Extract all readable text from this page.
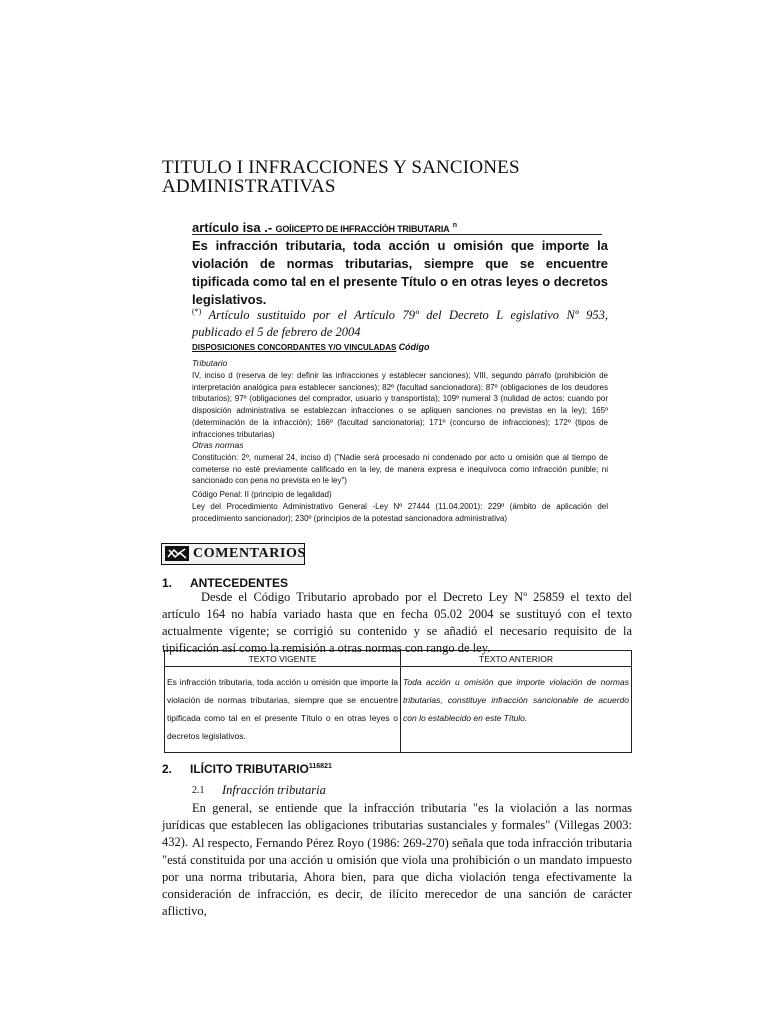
TITULO I INFRACCIONES Y SANCIONES
ADMINISTRATIVAS
artículo isa .- GOÍICEPTO DE IHFRACCÍÓH TRIBUTARIA $^n$
Es infracción tributaria, toda acción u omisión que importe la violación de normas tributarias, siempre que se encuentre tipificada como tal en el presente Título o en otras leyes o decretos legislativos.
(*) Artículo sustituido por el Artículo 79º del Decreto L egislativo Nº 953, publicado el 5 de febrero de 2004
DISPOSICIONES CONCORDANTES Y/O VINCULADAS Código
Tributario
IV, inciso d (reserva de ley: definir las infracciones y establecer sanciones); VIII, segundo párrafo (prohibición de interpretación analógica para establecer sanciones); 82º (facultad sancionadora); 87º (obligaciones de los deudores tributarios); 97º (obligaciones del comprador, usuario y transportista); 109º numeral 3 (nulidad de actos: cuando por disposición administrativa se establezcan infracciones o se apliquen sanciones no previstas en la ley); 165º (determinación de la infracción); 166º (facultad sancionatoria); 171º (concurso de infracciones); 172º (tipos de infracciones tributarias)
Otras normas
Constitución: 2º, numeral 24, inciso d) ("Nadie será procesado ni condenado por acto u omisión que al tiempo de cometerse no esté previamente calificado en la ley, de manera expresa e inequívoca como infracción punible; ni sancionado con pena no prevista en le ley")
Código Penal: II (principio de legalidad)
Ley del Procedimiento Administrativo General -Ley Nº 27444 (11.04.2001): 229º (ámbito de aplicación del procedimiento sancionador); 230º (principios de la potestad sancionadora administrativa)
COMENTARIOS
1. ANTECEDENTES
Desde el Código Tributario aprobado por el Decreto Ley Nº 25859 el texto del artículo 164 no había variado hasta que en fecha 05.02 2004 se sustituyó con el texto actualmente vigente; se corrigió su contenido y se añadió el necesario requisito de la tipificación así como la remisión a otras normas con rango de ley.
TEXTO VIGENTE	TEXTO ANTERIOR
Es infracción tributaria, toda acción u omisión que importe la violación de normas tributarias, siempre que se encuentre tipificada como tal en el presente Título o en otras leyes o decretos legislativos.	Toda acción u omisión que importe violación de normas tributarias, constituye infracción sancionable de acuerdo con lo establecido en este Título.
2. ILÍCITO $TRIBUTARIO^{116821}$
2.1 Infracción tributaria
En general, se entiende que la infracción tributaria "es la violación a las normas jurídicas que establecen las obligaciones tributarias sustanciales y formales" (Villegas 2003: 432). Al respecto, Fernando Pérez Royo (1986: 269-270) señala que toda infracción tributaria "está constituida por una acción u omisión que viola una prohibición o un mandato impuesto por una norma tributaria, Ahora bien, para que dicha violación tenga efectivamente la consideración de infracción, es decir, de ilícito merecedor de una sanción de carácter aflictivo,
